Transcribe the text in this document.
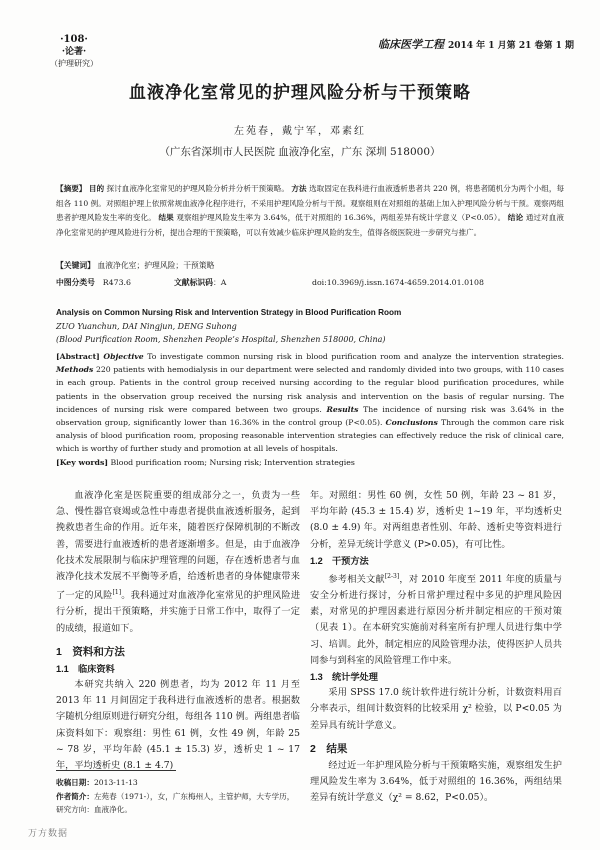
·108·
·论著·
（护理研究）
临床医学工程 2014 年 1 月第 21 卷第 1 期
血液净化室常见的护理风险分析与干预策略
左苑春，戴宁军，邓素红
（广东省深圳市人民医院 血液净化室，广东 深圳 518000）
【摘要】 目的 探讨血液净化室常见的护理风险分析并分析干预策略。 方法 选取固定在我科进行血液透析患者共 220 例，将患者随机分为两个小组，每组各 110 例。对照组护理上依照常规血液净化程序进行，不采用护理风险分析与干预。观察组则在对照组的基础上加入护理风险分析与干预。观察两组患者护理风险发生率的变化。 结果 观察组护理风险发生率为 3.64%，低于对照组的 16.36%，两组差异有统计学意义（P<0.05）。 结论 通过对血液净化室常见的护理风险进行分析，提出合理的干预策略，可以有效减少临床护理风险的发生，值得各级医院进一步研究与推广。
【关键词】 血液净化室；护理风险；干预策略
中图分类号　 R473.6	文献标识码：A	doi:10.3969/j.issn.1674-4659.2014.01.0108
Analysis on Common Nursing Risk and Intervention Strategy in Blood Purification Room
ZUO Yuanchun, DAI Ningjun, DENG Suhong
(Blood Purification Room, Shenzhen People’s Hospital, Shenzhen 518000, China)
[Abstract] Objective To investigate common nursing risk in blood purification room and analyze the intervention strategies. Methods 220 patients with hemodialysis in our department were selected and randomly divided into two groups, with 110 cases in each group. Patients in the control group received nursing according to the regular blood purification procedures, while patients in the observation group received the nursing risk analysis and intervention on the basis of regular nursing. The incidences of nursing risk were compared between two groups. Results The incidence of nursing risk was 3.64% in the observation group, significantly lower than 16.36% in the control group (P<0.05). Conclusions Through the common care risk analysis of blood purification room, proposing reasonable intervention strategies can effectively reduce the risk of clinical care, which is worthy of further study and promotion at all levels of hospitals.
[Key words] Blood purification room; Nursing risk; Intervention strategies

血液净化室是医院重要的组成部分之一，负责为一些急、慢性器官衰竭或急性中毒患者提供血液透析服务，起到挽救患者生命的作用。近年来，随着医疗保障机制的不断改善，需要进行血液透析的患者逐渐增多。但是，由于血液净化技术发展限制与临床护理管理的问题，存在透析患者与血液净化技术发展不平衡等矛盾，给透析患者的身体健康带来了一定的风险[1]。我科通过对血液净化室常见的护理风险进行分析，提出干预策略，并实施于日常工作中，取得了一定的成绩，报道如下。

1　资料和方法
1.1　临床资料

本研究共纳入 220 例患者，均为 2012 年 11 月至 2013 年 11 月间固定于我科进行血液透析的患者。根据数字随机分组原则进行研究分组，每组各 110 例。两组患者临床资料如下：观察组：男性 61 例，女性 49 例，年龄 25 ~ 78 岁，平均年龄 (45.1 ± 15.3) 岁，透析史 1 ~ 17 年，平均透析史 (8.1 ± 4.7)

年。对照组：男性 60 例，女性 50 例，年龄 23 ~ 81 岁，平均年龄 (45.3 ± 15.4) 岁，透析史 1~19 年，平均透析史 (8.0 ± 4.9) 年。对两组患者性别、年龄、透析史等资料进行分析，差异无统计学意义 (P>0.05)，有可比性。

1.2　干预方法

参考相关文献[2-3]，对 2010 年度至 2011 年度的质量与安全分析进行探讨，分析日常护理过程中多见的护理风险因素，对常见的护理因素进行原因分析并制定相应的干预对策（见表 1）。在本研究实施前对科室所有护理人员进行集中学习、培训。此外，制定相应的风险管理办法，使得医护人员共同参与到科室的风险管理工作中来。

1.3　统计学处理

采用 SPSS 17.0 统计软件进行统计分析，计数资料用百分率表示，组间计数资料的比较采用 χ² 检验，以 P<0.05 为差异具有统计学意义。

2　结果

经过近一年护理风险分析与干预策略实施，观察组发生护理风险发生率为 3.64%，低于对照组的 16.36%，两组结果差异有统计学意义（χ² = 8.62，P<0.05）。

收稿日期：2013-11-13
作者简介：左苑春（1971-），女，广东梅州人，主管护师，大专学历，研究方向：血液净化。
万方数据
